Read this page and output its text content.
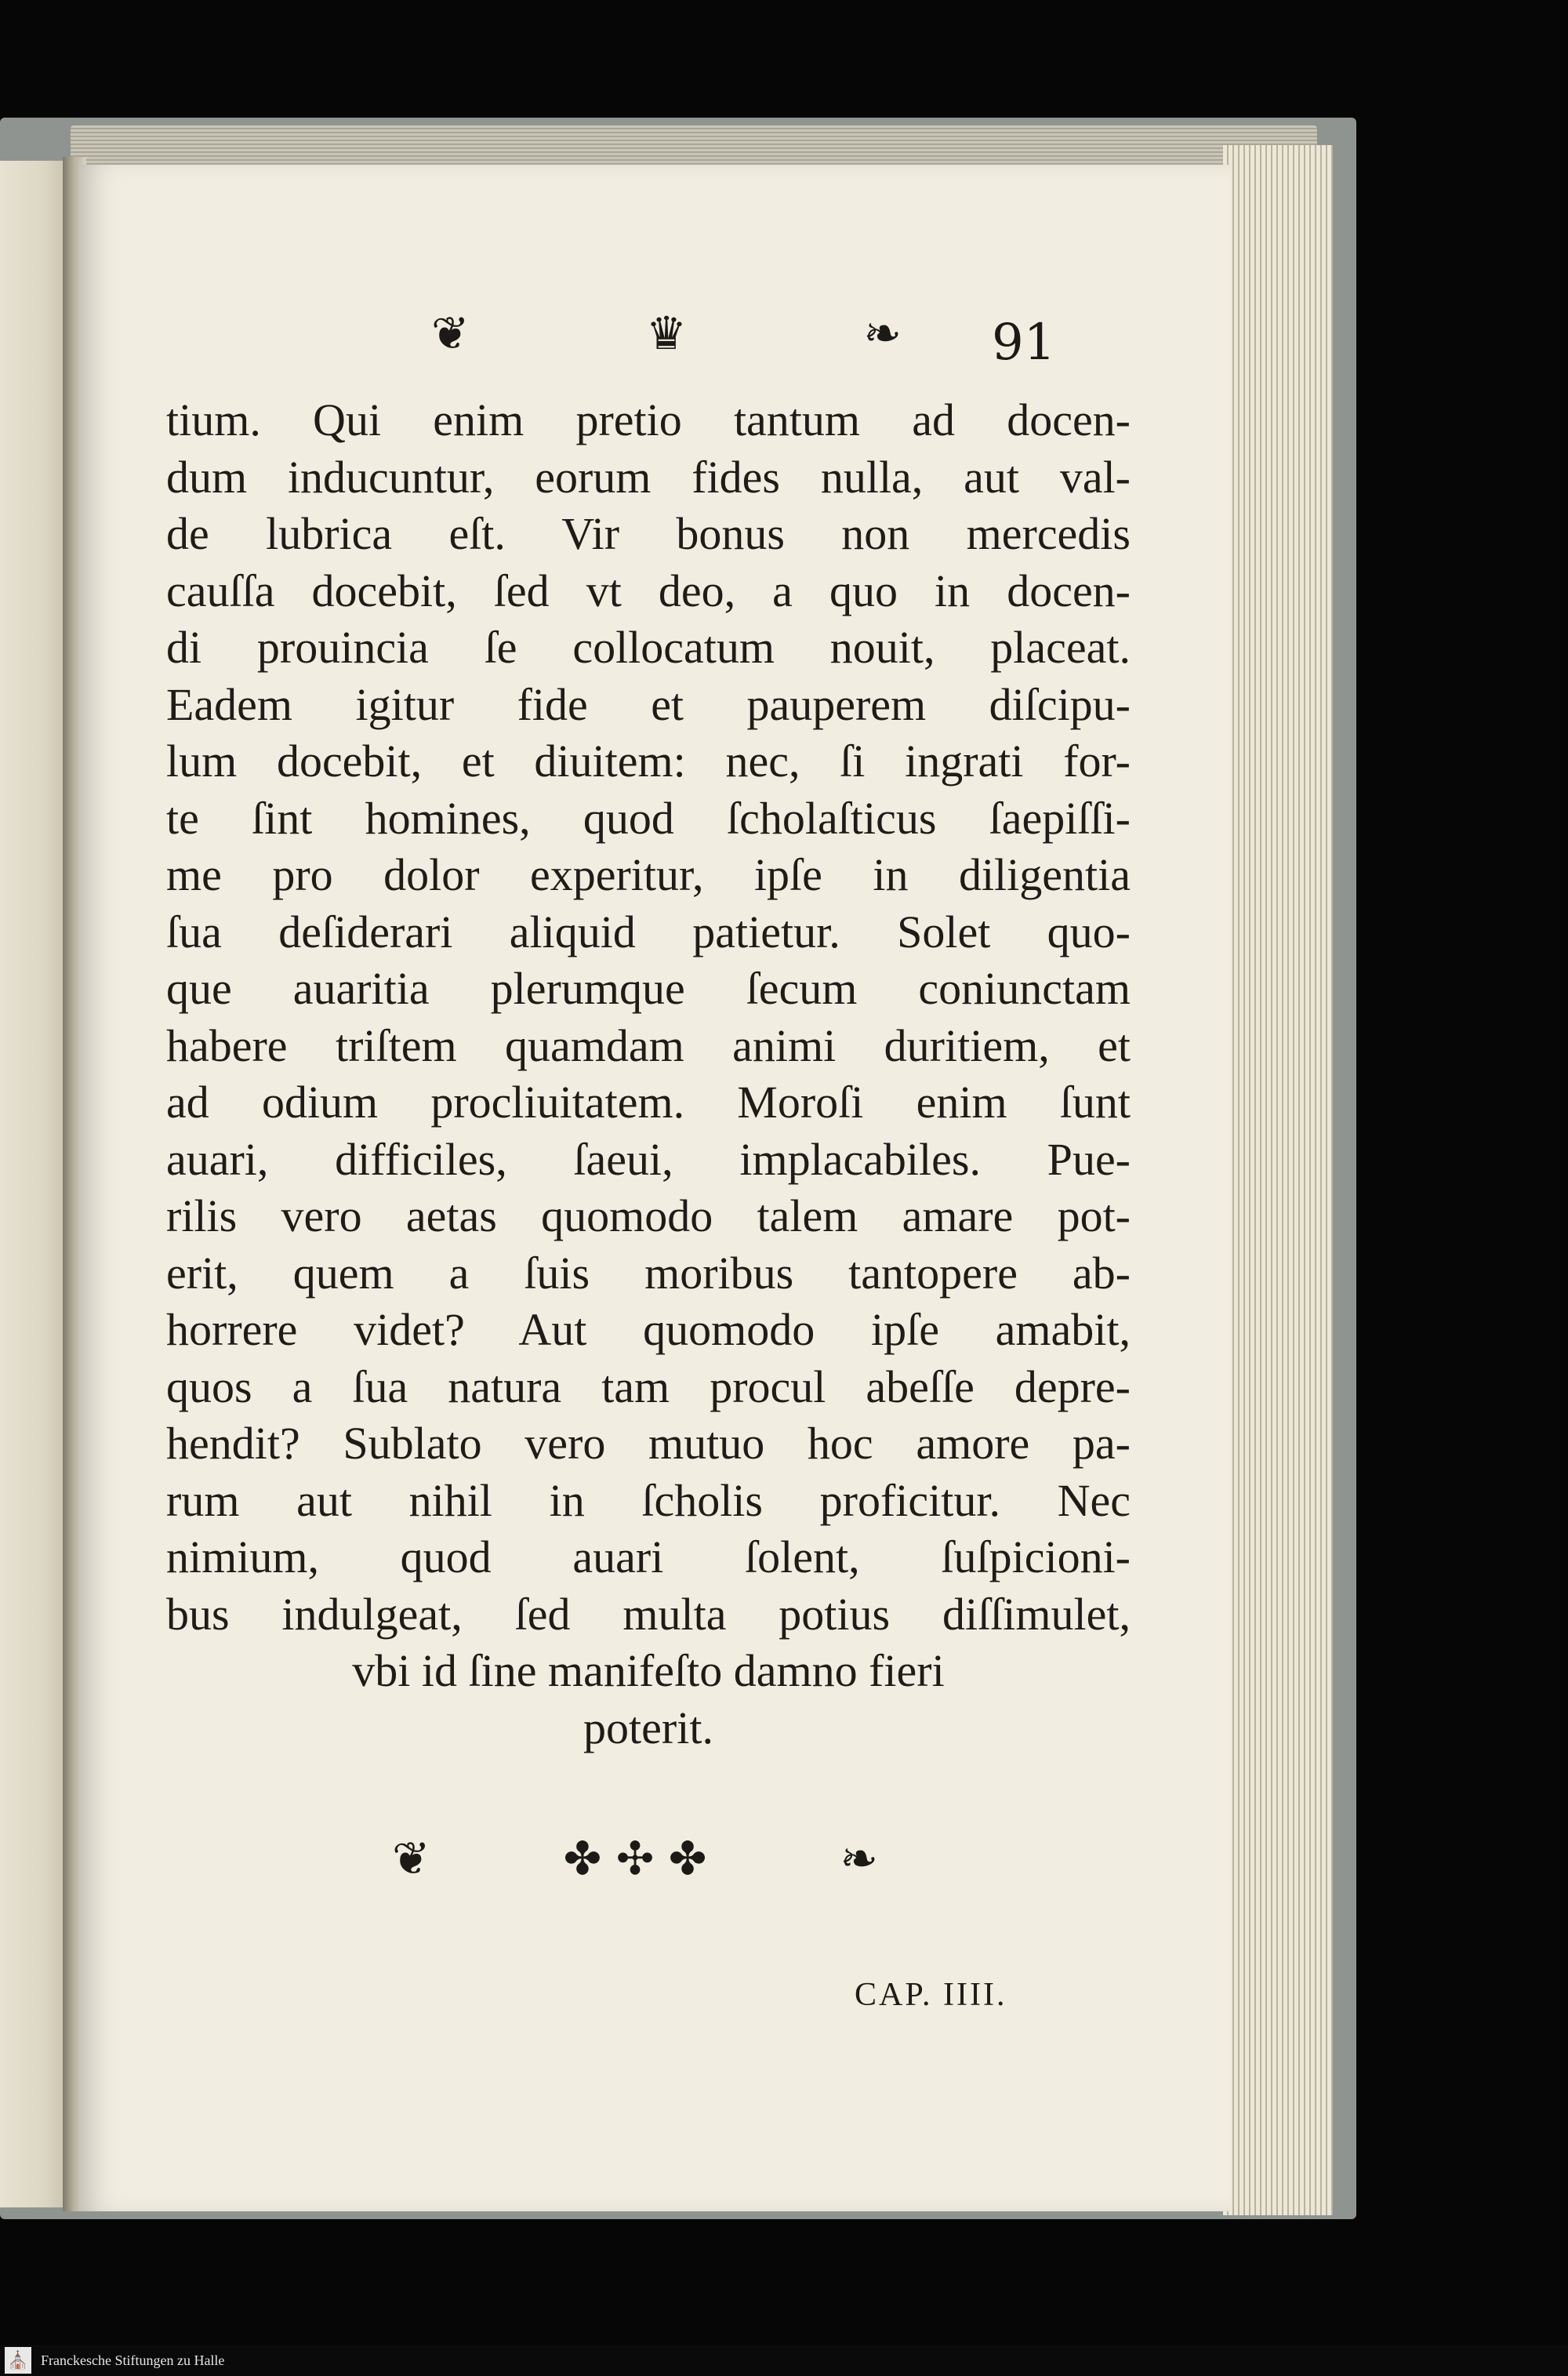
❦	♛	❧ 91
tium. Qui enim pretio tantum ad docen-
dum inducuntur, eorum fides nulla, aut val-
de lubrica eſt. Vir bonus non mercedis
cauſſa docebit, ſed vt deo, a quo in docen-
di prouincia ſe collocatum nouit, placeat.
Eadem igitur fide et pauperem diſcipu-
lum docebit, et diuitem: nec, ſi ingrati for-
te ſint homines, quod ſcholaſticus ſaepiſſi-
me pro dolor experitur, ipſe in diligentia
ſua deſiderari aliquid patietur. Solet quo-
que auaritia plerumque ſecum coniunctam
habere triſtem quamdam animi duritiem, et
ad odium procliuitatem. Moroſi enim ſunt
auari, difficiles, ſaeui, implacabiles. Pue-
rilis vero aetas quomodo talem amare pot-
erit, quem a ſuis moribus tantopere ab-
horrere videt? Aut quomodo ipſe amabit,
quos a ſua natura tam procul abeſſe depre-
hendit? Sublato vero mutuo hoc amore pa-
rum aut nihil in ſcholis proficitur. Nec
nimium, quod auari ſolent, ſuſpicioni-
bus indulgeat, ſed multa potius diſſimulet,
vbi id ſine manifeſto damno fieri
poterit.
❦	✤ ✣ ✤	❧
CAP. IIII.
⛪ Franckesche Stiftungen zu Halle
